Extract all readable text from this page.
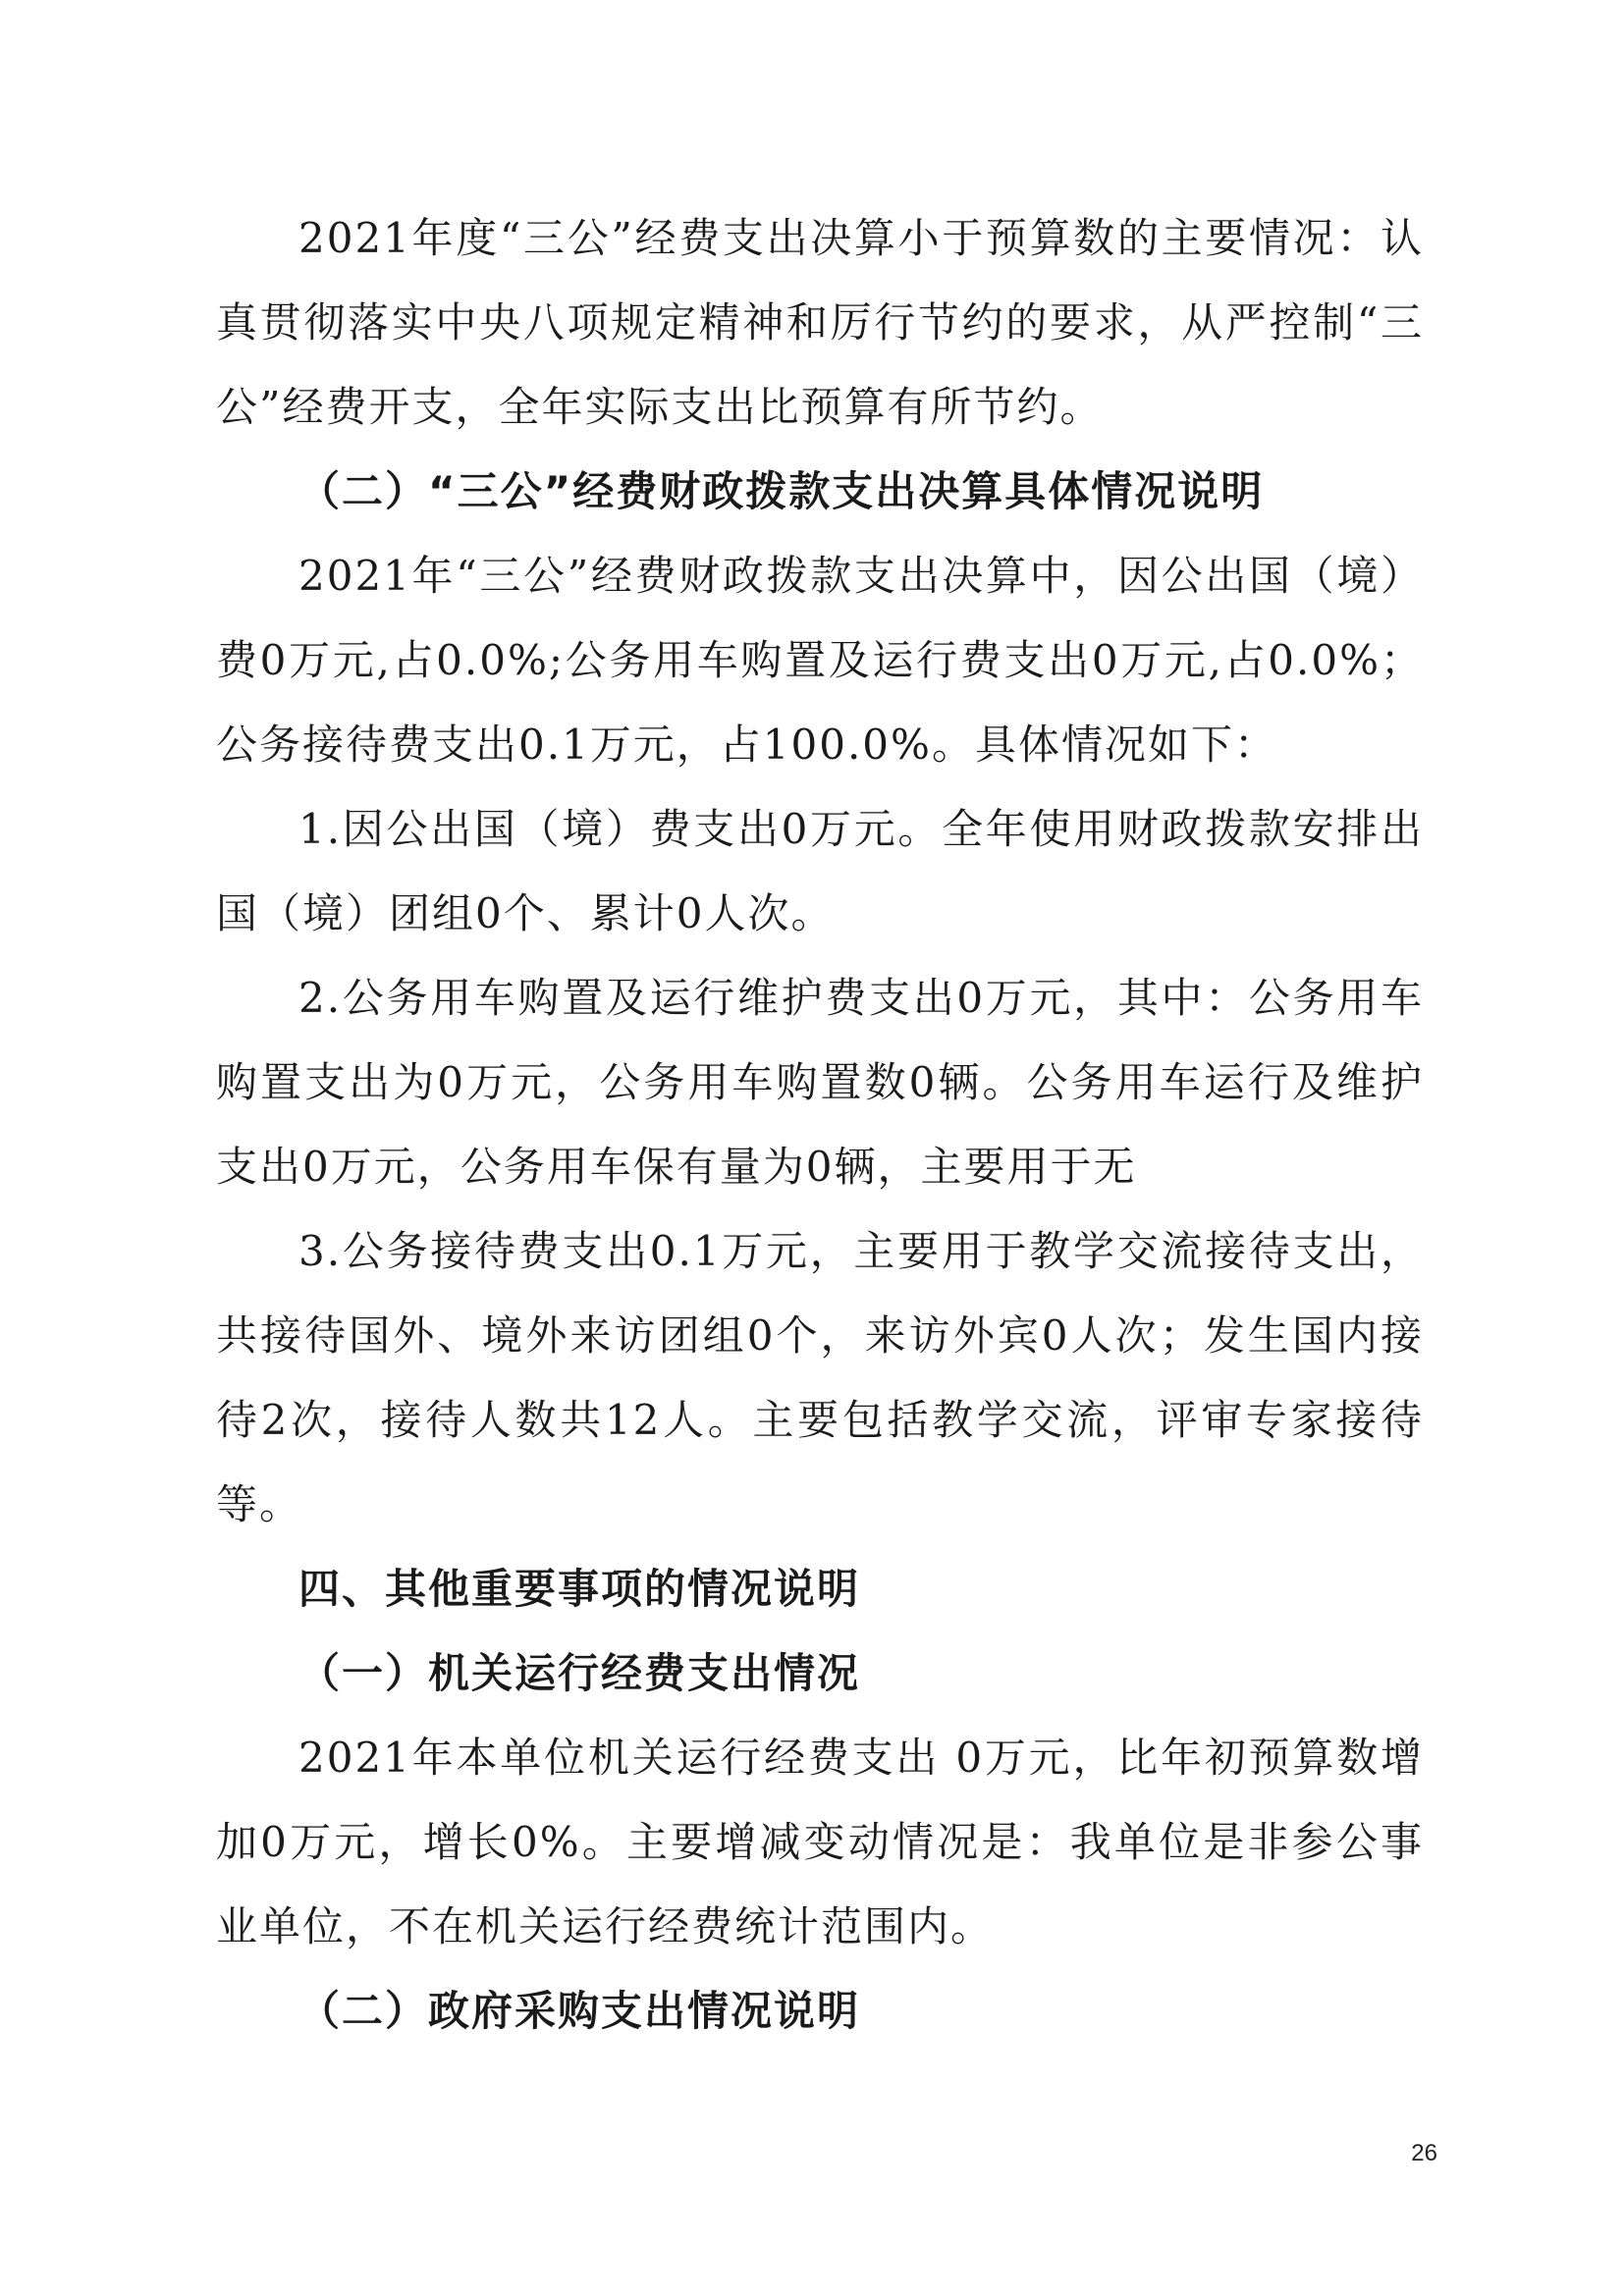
2021年度“三公”经费支出决算小于预算数的主要情况：认真贯彻落实中央八项规定精神和厉行节约的要求，从严控制“三公”经费开支，全年实际支出比预算有所节约。

（二）“三公”经费财政拨款支出决算具体情况说明

2021年“三公”经费财政拨款支出决算中，因公出国（境）费0万元,占0.0%;公务用车购置及运行费支出0万元,占0.0%；公务接待费支出0.1万元，占100.0%。具体情况如下：

1.因公出国（境）费支出0万元。全年使用财政拨款安排出国（境）团组0个、累计0人次。

2.公务用车购置及运行维护费支出0万元，其中：公务用车购置支出为0万元，公务用车购置数0辆。公务用车运行及维护支出0万元，公务用车保有量为0辆，主要用于无

3.公务接待费支出0.1万元，主要用于教学交流接待支出，共接待国外、境外来访团组0个，来访外宾0人次；发生国内接待2次，接待人数共12人。主要包括教学交流，评审专家接待等。

四、其他重要事项的情况说明

（一）机关运行经费支出情况

2021年本单位机关运行经费支出 0万元，比年初预算数增加0万元，增长0%。主要增减变动情况是：我单位是非参公事业单位，不在机关运行经费统计范围内。

（二）政府采购支出情况说明

26
